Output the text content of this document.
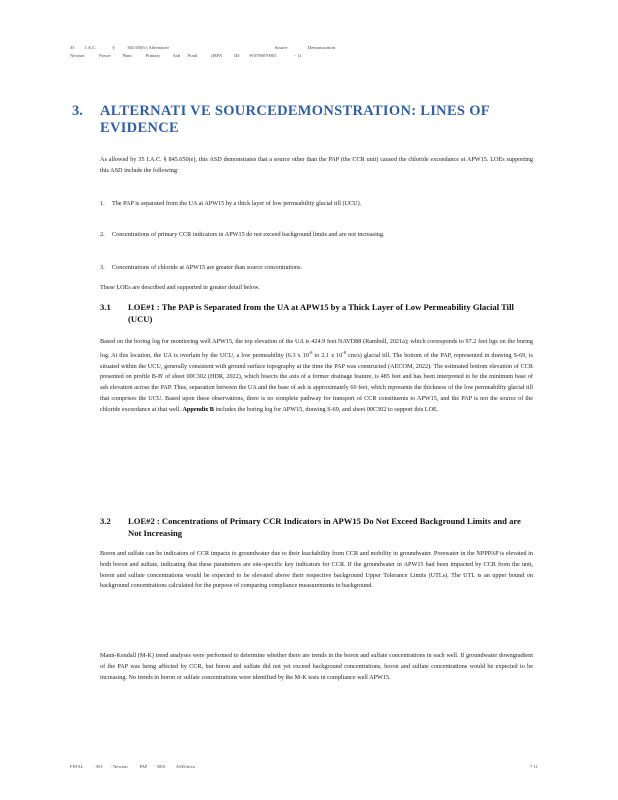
35 I.A.C.	§	845.650(c) Alternative	Source	Demonstration
Newton	Power Plant	Primary	Ash Pond	(IEPA	ID: W0798070001	- 1)
3. ALTERNATI VE SOURCEDEMONSTRATION: LINES OF EVIDENCE
As allowed by 35 I.A.C. § 845.650(e), this ASD demonstrates that a source other than the PAP (the CCR unit) caused the chloride exceedance at APW15. LOEs supporting this ASD include the following:
1. The PAP is separated from the UA at APW15 by a thick layer of low permeability glacial till (UCU).
2. Concentrations of primary CCR indicators in APW15 do not exceed background limits and are not increasing.
3. Concentrations of chloride at APW15 are greater than source concentrations.
These LOEs are described and supported in greater detail below.
3.1 LOE#1 : The PAP is Separated from the UA at APW15 by a Thick Layer of Low Permeability Glacial Till (UCU)
Based on the boring log for monitoring well APW15, the top elevation of the UA is 424.9 feet NAVD88 (Ramboll, 2021a); which corresponds to 97.2 feet bgs on the boring log. At this location, the UA is overlain by the UCU, a low permeability (6.3 x $10^{-8}$ to 2.1 x $10^{-8}$ cm/s) glacial till. The bottom of the PAP, represented in drawing S-69, is situated within the UCU, generally consistent with ground surface topography at the time the PAP was constructed (AECOM, 2022). The estimated bottom elevation of CCR presented on profile B-B' of sheet 00C302 (HDR, 2022), which bisects the axis of a former drainage feature, is 485 feet and has been interpreted to be the minimum base of ash elevation across the PAP. Thus, separation between the UA and the base of ash is approximately 60 feet, which represents the thickness of the low permeability glacial till that comprises the UCU. Based upon these observations, there is no complete pathway for transport of CCR constituents to APW15, and the PAP is not the source of the chloride exceedance at that well. Appendix B includes the boring log for APW15, drawing S-69, and sheet 00C302 to support this LOE.
3.2 LOE#2 : Concentrations of Primary CCR Indicators in APW15 Do Not Exceed Background Limits and are Not Increasing
Boron and sulfate can be indicators of CCR impacts to groundwater due to their leachability from CCR and mobility in groundwater. Porewater in the NPPPAP is elevated in both boron and sulfate, indicating that these parameters are site-specific key indicators for CCR. If the groundwater in APW15 had been impacted by CCR from the unit, boron and sulfate concentrations would be expected to be elevated above their respective background Upper Tolerance Limits (UTLs). The UTL is an upper bound on background concentrations calculated for the purpose of comparing compliance measurements to background.
Mann-Kendall (M-K) trend analyses were performed to determine whether there are trends in the boron and sulfate concentrations in each well. If groundwater downgradient of the PAP was being affected by CCR, but boron and sulfate did not yet exceed background concentrations, boron and sulfate concentrations would be expected to be increasing. No trends in boron or sulfate concentrations were identified by the M-K tests in compliance well APW15.
FINAL - 501 - Newton	PAP 5001 ASD.docx	7 11
